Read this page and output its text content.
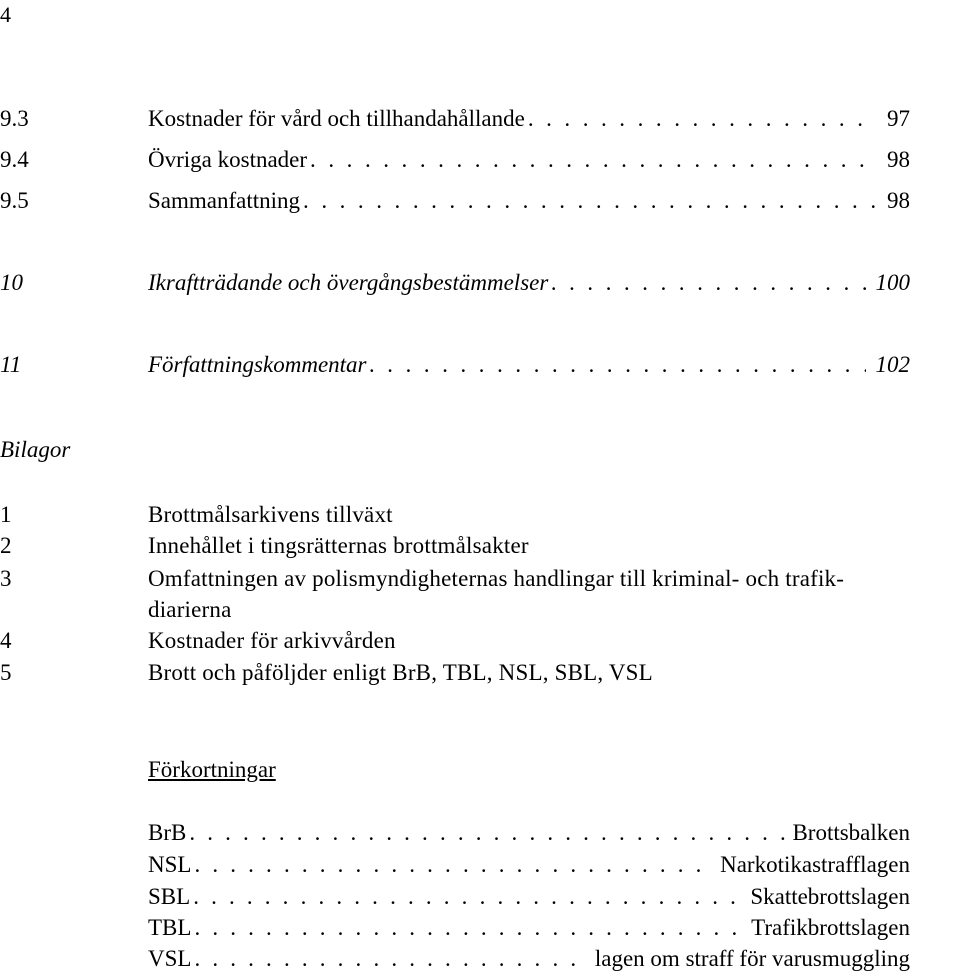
4
9.3	Kostnader för vård och tillhandahållande . . .	97
9.4	Övriga kostnader . . .	98
9.5	Sammanfattning . . .	98
10	Ikraftträdande och övergångsbestämmelser . . .	100
11	Författningskommentar . . .	102
Bilagor
1	Brottmålsarkivens tillväxt
2	Innehållet i tingsrätternas brottmålsakter
3	Omfattningen av polismyndigheternas handlingar till kriminal- och trafik-
diarierna
4	Kostnader för arkivvården
5	Brott och påföljder enligt BrB, TBL, NSL, SBL, VSL
Förkortningar
BrB . . .	Brottsbalken
NSL . . .	Narkotikastrafflagen
SBL . . .	Skattebrottslagen
TBL . . .	Trafikbrottslagen
VSL . . .	lagen om straff för varusmuggling
